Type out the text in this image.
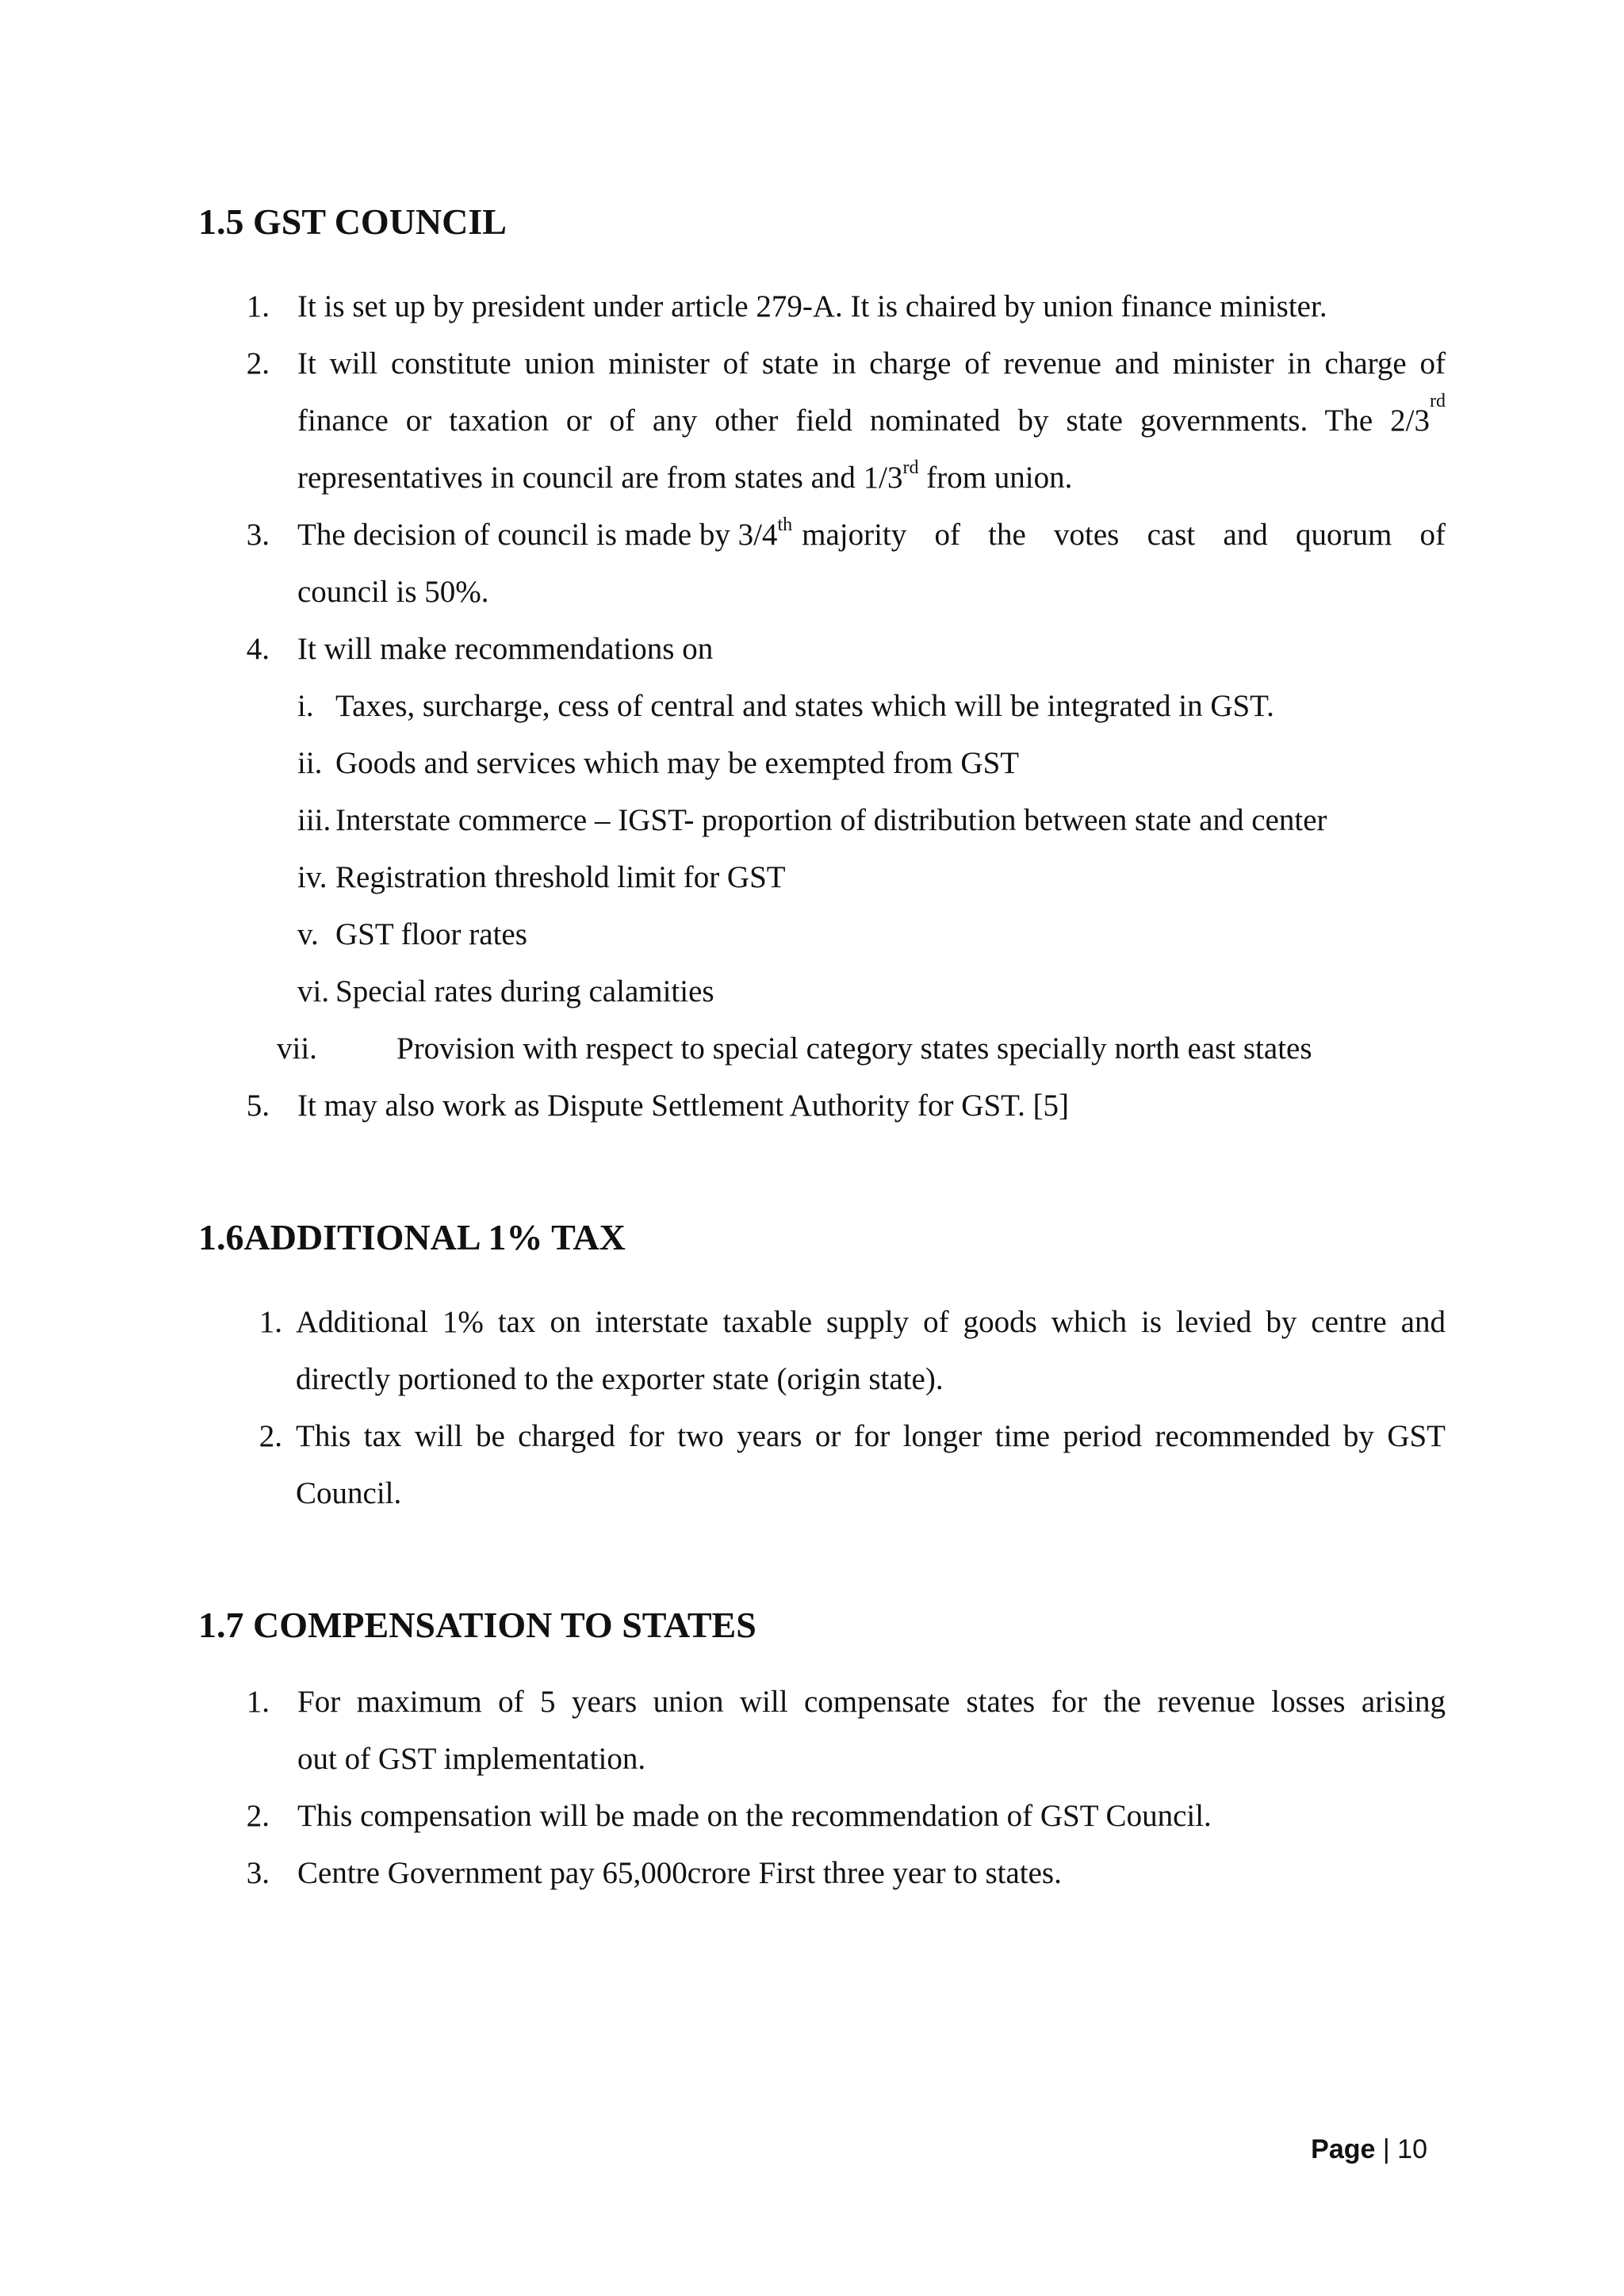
1.5 GST COUNCIL
1. It is set up by president under article 279-A. It is chaired by union finance minister.
2. It will constitute union minister of state in charge of revenue and minister in charge of
finance or taxation or of any other field nominated by state governments. The 2/3
rd
representatives in council are from states and 1/3rd from union.
3. The decision of council is made by 3/4th majority of the votes cast and quorum of
council is 50%.
4. It will make recommendations on
i. Taxes, surcharge, cess of central and states which will be integrated in GST.
ii. Goods and services which may be exempted from GST
iii. Interstate commerce – IGST- proportion of distribution between state and center
iv. Registration threshold limit for GST
v. GST floor rates
vi. Special rates during calamities
vii.	Provision with respect to special category states specially north east states
5. It may also work as Dispute Settlement Authority for GST. [5]
1.6ADDITIONAL 1% TAX
1. Additional 1% tax on interstate taxable supply of goods which is levied by centre and
directly portioned to the exporter state (origin state).
2. This tax will be charged for two years or for longer time period recommended by GST
Council.
1.7 COMPENSATION TO STATES
1. For maximum of 5 years union will compensate states for the revenue losses arising
out of GST implementation.
2. This compensation will be made on the recommendation of GST Council.
3. Centre Government pay 65,000crore First three year to states.
Page | 10
